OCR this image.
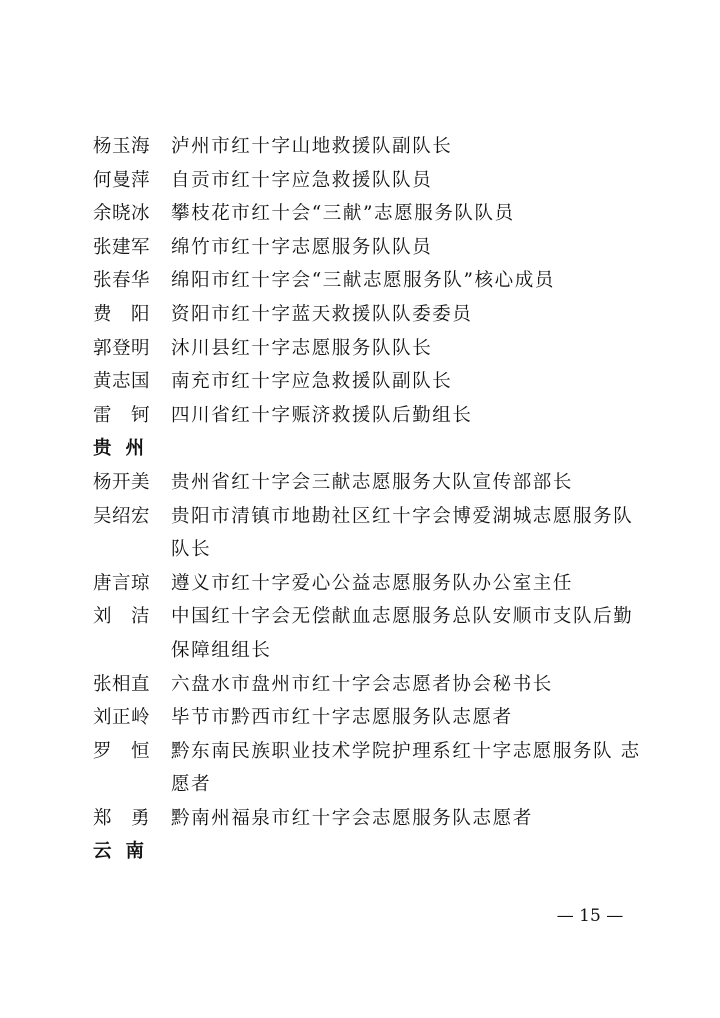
杨玉海	泸州市红十字山地救援队副队长
何曼萍	自贡市红十字应急救援队队员
余晓冰	攀枝花市红十会“三献”志愿服务队队员
张建军	绵竹市红十字志愿服务队队员
张春华	绵阳市红十字会“三献志愿服务队”核心成员
费　阳	资阳市红十字蓝天救援队队委委员
郭登明	沐川县红十字志愿服务队队长
黄志国	南充市红十字应急救援队副队长
雷　钶	四川省红十字赈济救援队后勤组长
贵州
杨开美	贵州省红十字会三献志愿服务大队宣传部部长
吴绍宏	贵阳市清镇市地勘社区红十字会博爱湖城志愿服务队队长
唐言琼	遵义市红十字爱心公益志愿服务队办公室主任
刘　洁	中国红十字会无偿献血志愿服务总队安顺市支队后勤保障组组长
张相直	六盘水市盘州市红十字会志愿者协会秘书长
刘正岭	毕节市黔西市红十字志愿服务队志愿者
罗　恒	黔东南民族职业技术学院护理系红十字志愿服务队 志愿者
郑　勇	黔南州福泉市红十字会志愿服务队志愿者
云南
— 15 —
